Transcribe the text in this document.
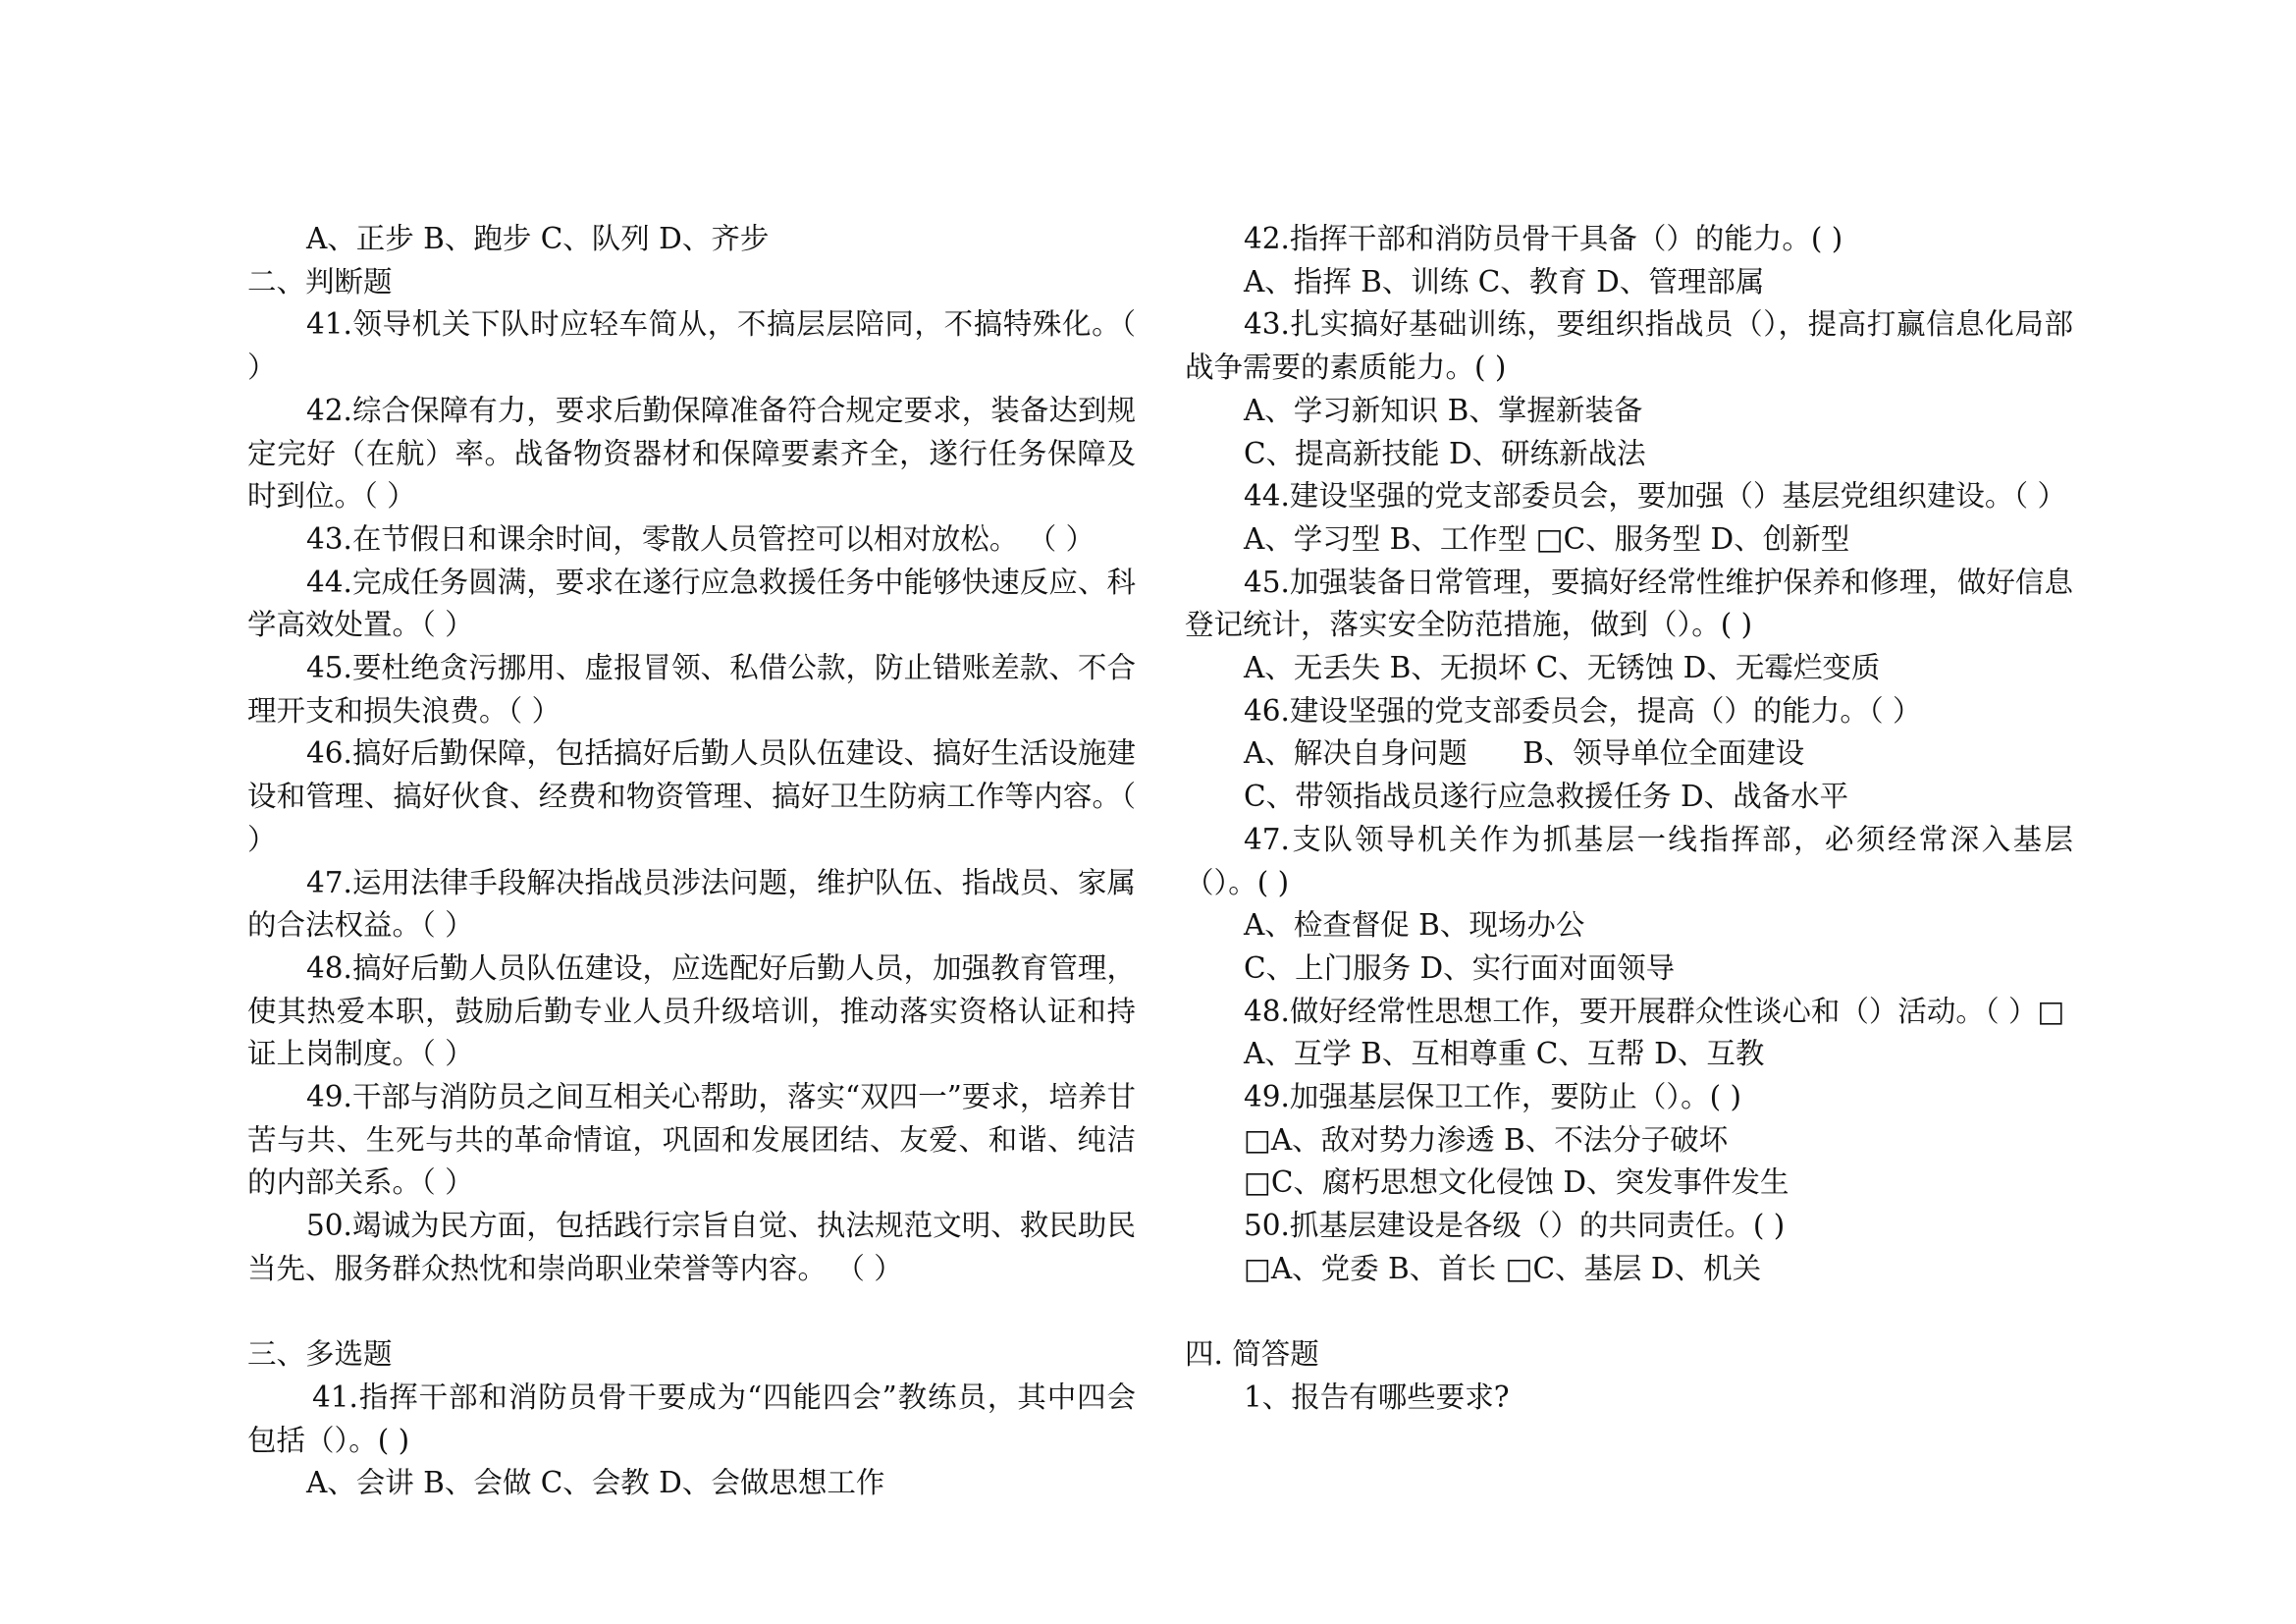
A、正步 B、跑步 C、队列 D、齐步

二、判断题

41.领导机关下队时应轻车简从，不搞层层陪同，不搞特殊化。（ ）

42.综合保障有力，要求后勤保障准备符合规定要求，装备达到规定完好（在航）率。战备物资器材和保障要素齐全，遂行任务保障及时到位。（ ）

43.在节假日和课余时间，零散人员管控可以相对放松。 （ ）

44.完成任务圆满，要求在遂行应急救援任务中能够快速反应、科学高效处置。（ ）

45.要杜绝贪污挪用、虚报冒领、私借公款，防止错账差款、不合理开支和损失浪费。（ ）

46.搞好后勤保障，包括搞好后勤人员队伍建设、搞好生活设施建设和管理、搞好伙食、经费和物资管理、搞好卫生防病工作等内容。（ ）

47.运用法律手段解决指战员涉法问题，维护队伍、指战员、家属的合法权益。（ ）

48.搞好后勤人员队伍建设，应选配好后勤人员，加强教育管理，使其热爱本职，鼓励后勤专业人员升级培训，推动落实资格认证和持证上岗制度。（ ）

49.干部与消防员之间互相关心帮助，落实“双四一”要求，培养甘苦与共、生死与共的革命情谊，巩固和发展团结、友爱、和谐、纯洁的内部关系。（ ）

50.竭诚为民方面，包括践行宗旨自觉、执法规范文明、救民助民当先、服务群众热忱和崇尚职业荣誉等内容。 （ ）

三、多选题

41.指挥干部和消防员骨干要成为“四能四会”教练员，其中四会包括（）。( )

A、会讲 B、会做 C、会教 D、会做思想工作

42.指挥干部和消防员骨干具备（）的能力。( )

A、指挥 B、训练 C、教育 D、管理部属

43.扎实搞好基础训练，要组织指战员（），提高打赢信息化局部战争需要的素质能力。( )

A、学习新知识 B、掌握新装备

C、提高新技能 D、研练新战法

44.建设坚强的党支部委员会，要加强（）基层党组织建设。（ ）

A、学习型 B、工作型 □C、服务型 D、创新型

45.加强装备日常管理，要搞好经常性维护保养和修理，做好信息登记统计，落实安全防范措施，做到（）。( )

A、无丢失 B、无损坏 C、无锈蚀 D、无霉烂变质

46.建设坚强的党支部委员会，提高（）的能力。（ ）

A、解决自身问题      B、领导单位全面建设

C、带领指战员遂行应急救援任务 D、战备水平

47.支队领导机关作为抓基层一线指挥部，必须经常深入基层（）。( )

A、检查督促 B、现场办公

C、上门服务 D、实行面对面领导

48.做好经常性思想工作，要开展群众性谈心和（）活动。（ ）□

A、互学 B、互相尊重 C、互帮 D、互教

49.加强基层保卫工作，要防止（）。( )

□A、敌对势力渗透 B、不法分子破坏

□C、腐朽思想文化侵蚀 D、突发事件发生

50.抓基层建设是各级（）的共同责任。( )

□A、党委 B、首长 □C、基层 D、机关

四. 简答题

1、报告有哪些要求?
